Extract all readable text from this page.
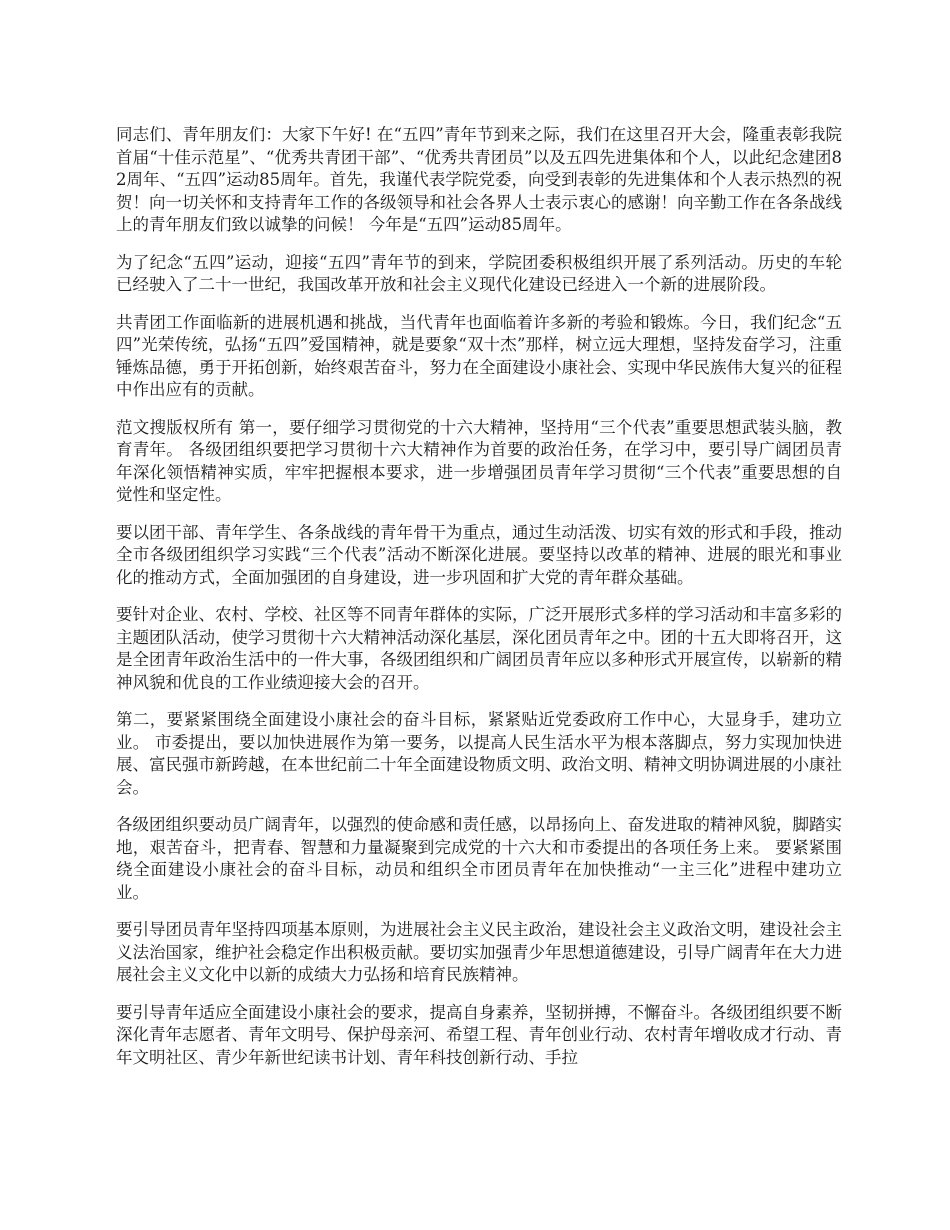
同志们、青年朋友们：大家下午好! 在“五四”青年节到来之际，我们在这里召开大会，隆重表彰我院首届“十佳示范星”、“优秀共青团干部”、“优秀共青团员”以及五四先进集体和个人，以此纪念建团82周年、“五四”运动85周年。首先，我谨代表学院党委，向受到表彰的先进集体和个人表示热烈的祝贺！向一切关怀和支持青年工作的各级领导和社会各界人士表示衷心的感谢！向辛勤工作在各条战线上的青年朋友们致以诚挚的问候！ 今年是“五四”运动85周年。

为了纪念“五四”运动，迎接“五四”青年节的到来，学院团委积极组织开展了系列活动。历史的车轮已经驶入了二十一世纪，我国改革开放和社会主义现代化建设已经进入一个新的进展阶段。

共青团工作面临新的进展机遇和挑战，当代青年也面临着许多新的考验和锻炼。今日，我们纪念“五四”光荣传统，弘扬“五四”爱国精神，就是要象“双十杰”那样，树立远大理想，坚持发奋学习，注重锤炼品德，勇于开拓创新，始终艰苦奋斗，努力在全面建设小康社会、实现中华民族伟大复兴的征程中作出应有的贡献。

范文搜版权所有 第一，要仔细学习贯彻党的十六大精神，坚持用“三个代表”重要思想武装头脑，教育青年。 各级团组织要把学习贯彻十六大精神作为首要的政治任务，在学习中，要引导广阔团员青年深化领悟精神实质，牢牢把握根本要求，进一步增强团员青年学习贯彻“三个代表”重要思想的自觉性和坚定性。

要以团干部、青年学生、各条战线的青年骨干为重点，通过生动活泼、切实有效的形式和手段，推动全市各级团组织学习实践“三个代表”活动不断深化进展。要坚持以改革的精神、进展的眼光和事业化的推动方式，全面加强团的自身建设，进一步巩固和扩大党的青年群众基础。

要针对企业、农村、学校、社区等不同青年群体的实际，广泛开展形式多样的学习活动和丰富多彩的主题团队活动，使学习贯彻十六大精神活动深化基层，深化团员青年之中。团的十五大即将召开，这是全团青年政治生活中的一件大事，各级团组织和广阔团员青年应以多种形式开展宣传，以崭新的精神风貌和优良的工作业绩迎接大会的召开。

第二，要紧紧围绕全面建设小康社会的奋斗目标，紧紧贴近党委政府工作中心，大显身手，建功立业。 市委提出，要以加快进展作为第一要务，以提高人民生活水平为根本落脚点，努力实现加快进展、富民强市新跨越，在本世纪前二十年全面建设物质文明、政治文明、精神文明协调进展的小康社会。

各级团组织要动员广阔青年，以强烈的使命感和责任感，以昂扬向上、奋发进取的精神风貌，脚踏实地，艰苦奋斗，把青春、智慧和力量凝聚到完成党的十六大和市委提出的各项任务上来。 要紧紧围绕全面建设小康社会的奋斗目标，动员和组织全市团员青年在加快推动“一主三化”进程中建功立业。

要引导团员青年坚持四项基本原则，为进展社会主义民主政治，建设社会主义政治文明，建设社会主义法治国家，维护社会稳定作出积极贡献。要切实加强青少年思想道德建设，引导广阔青年在大力进展社会主义文化中以新的成绩大力弘扬和培育民族精神。

要引导青年适应全面建设小康社会的要求，提高自身素养，坚韧拼搏，不懈奋斗。各级团组织要不断深化青年志愿者、青年文明号、保护母亲河、希望工程、青年创业行动、农村青年增收成才行动、青年文明社区、青少年新世纪读书计划、青年科技创新行动、手拉
